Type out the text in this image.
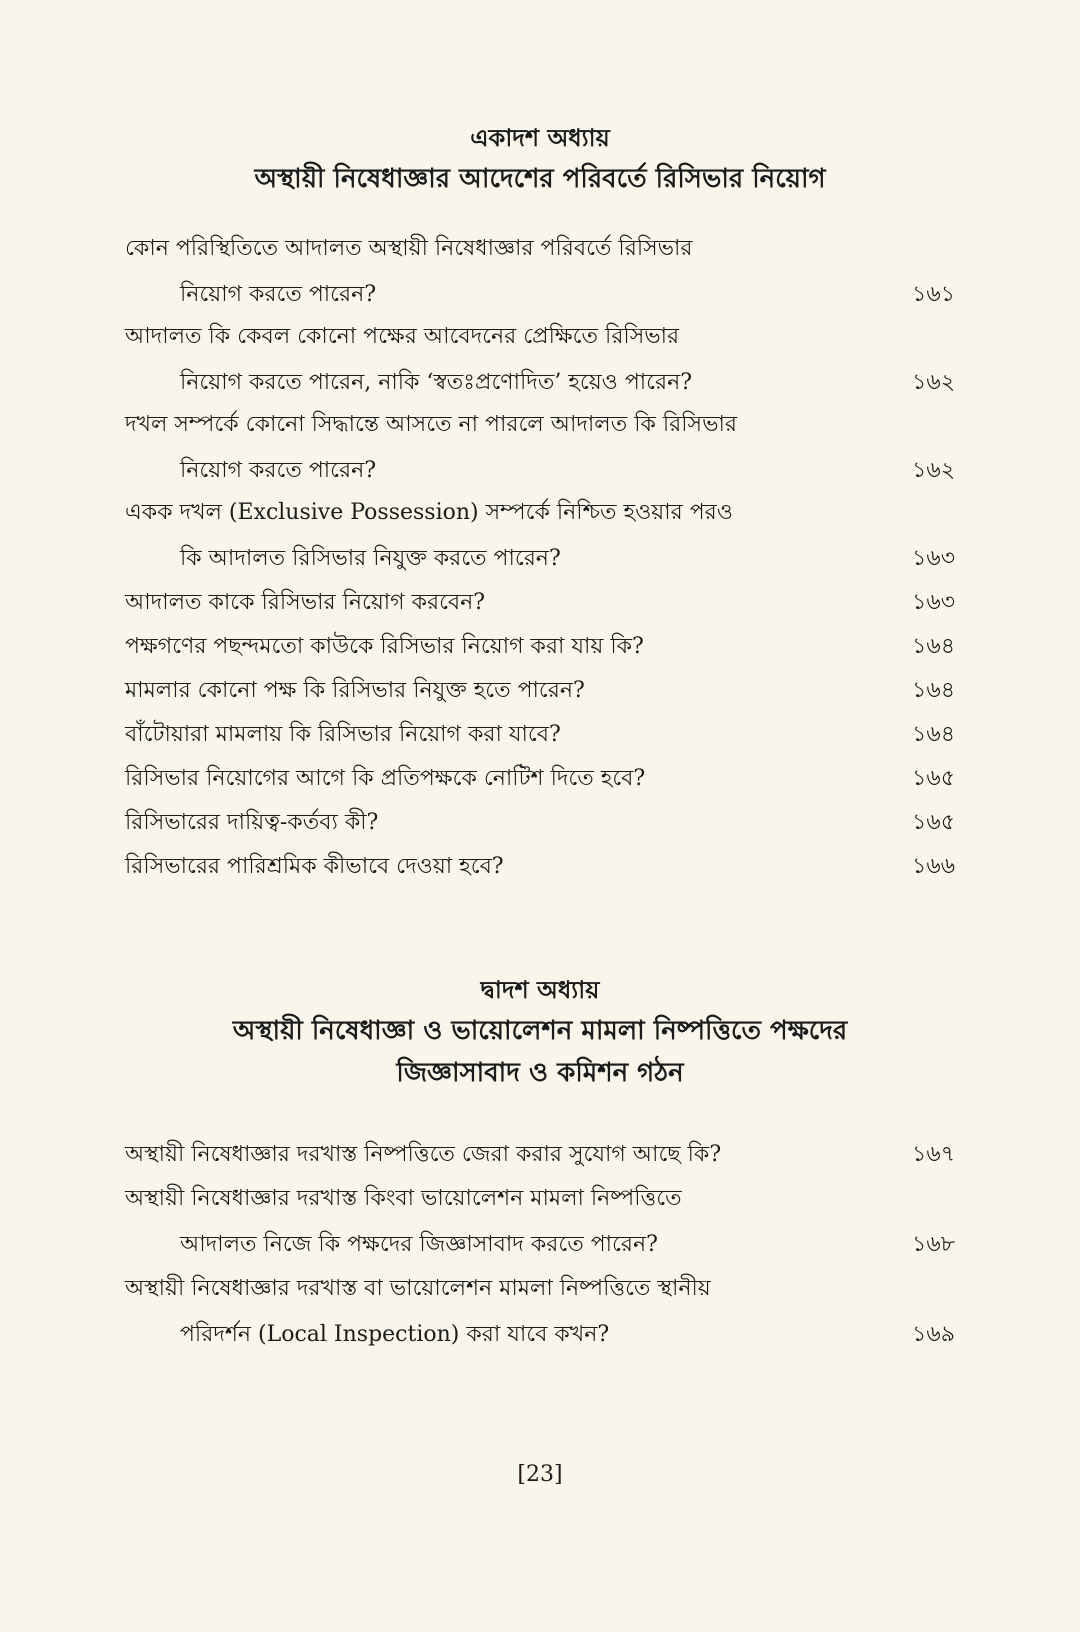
একাদশ অধ্যায়
অস্থায়ী নিষেধাজ্ঞার আদেশের পরিবর্তে রিসিভার নিয়োগ
কোন পরিস্থিতিতে আদালত অস্থায়ী নিষেধাজ্ঞার পরিবর্তে রিসিভার
নিয়োগ করতে পারেন?	১৬১
আদালত কি কেবল কোনো পক্ষের আবেদনের প্রেক্ষিতে রিসিভার
নিয়োগ করতে পারেন, নাকি ‘স্বতঃপ্রণোদিত’ হয়েও পারেন?	১৬২
দখল সম্পর্কে কোনো সিদ্ধান্তে আসতে না পারলে আদালত কি রিসিভার
নিয়োগ করতে পারেন?	১৬২
একক দখল (Exclusive Possession) সম্পর্কে নিশ্চিত হওয়ার পরও
কি আদালত রিসিভার নিযুক্ত করতে পারেন?	১৬৩
আদালত কাকে রিসিভার নিয়োগ করবেন?	১৬৩
পক্ষগণের পছন্দমতো কাউকে রিসিভার নিয়োগ করা যায় কি?	১৬৪
মামলার কোনো পক্ষ কি রিসিভার নিযুক্ত হতে পারেন?	১৬৪
বাঁটোয়ারা মামলায় কি রিসিভার নিয়োগ করা যাবে?	১৬৪
রিসিভার নিয়োগের আগে কি প্রতিপক্ষকে নোটিশ দিতে হবে?	১৬৫
রিসিভারের দায়িত্ব-কর্তব্য কী?	১৬৫
রিসিভারের পারিশ্রমিক কীভাবে দেওয়া হবে?	১৬৬
দ্বাদশ অধ্যায়
অস্থায়ী নিষেধাজ্ঞা ও ভায়োলেশন মামলা নিষ্পত্তিতে পক্ষদের
জিজ্ঞাসাবাদ ও কমিশন গঠন
অস্থায়ী নিষেধাজ্ঞার দরখাস্ত নিষ্পত্তিতে জেরা করার সুযোগ আছে কি?	১৬৭
অস্থায়ী নিষেধাজ্ঞার দরখাস্ত কিংবা ভায়োলেশন মামলা নিষ্পত্তিতে
আদালত নিজে কি পক্ষদের জিজ্ঞাসাবাদ করতে পারেন?	১৬৮
অস্থায়ী নিষেধাজ্ঞার দরখাস্ত বা ভায়োলেশন মামলা নিষ্পত্তিতে স্থানীয়
পরিদর্শন (Local Inspection) করা যাবে কখন?	১৬৯
[23]
